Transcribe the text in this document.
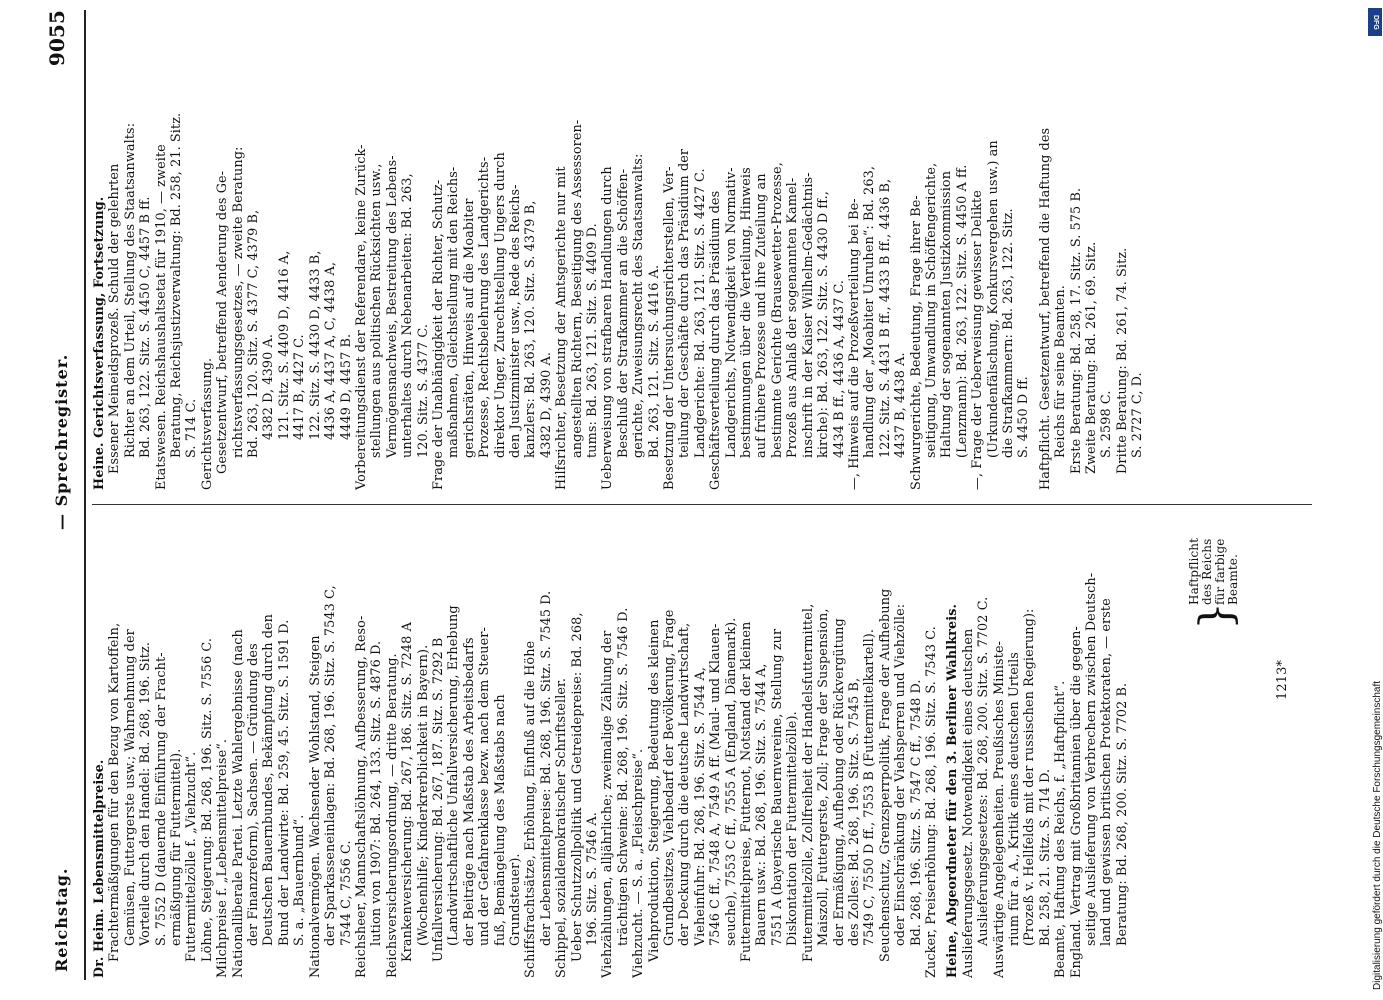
Reichstag.
— Sprechregister.
9055
Dr. Heim. Lebensmittelpreise. Frachtermäßigungen für den Bezug von Kartoffeln, Gemüsen, Futtergerste usw.; Wahrnehmung der Vorteile durch den Handel: Bd. 268, 196. Sitz. S. 7552 D (dauernde Einführung der Fracht- ermäßigung für Futtermittel). Futtermittelzölle f. „Viehzucht“. Löhne, Steigerung: Bd. 268, 196. Sitz. S. 7556 C. Milchpreise f. „Lebensmittelpreise“. Nationalliberale Partei. Letzte Wahlergebnisse (nach der Finanzreform), Sachsen. — Gründung des Deutschen Bauernbundes, Bekämpfung durch den Bund der Landwirte: Bd. 259, 45. Sitz. S. 1591 D. S. a. „Bauernbund“. Nationalvermögen. Wachsender Wohlstand, Steigen der Sparkasseneinlagen: Bd. 268, 196. Sitz. S. 7543 C, 7544 C, 7556 C. Reichsheer, Mannschaftslöhnung, Aufbesserung, Reso- lution von 1907: Bd. 264, 133. Sitz. S. 4876 D. Reichsversicherungsordnung, — dritte Beratung. Krankenversicherung: Bd. 267, 186. Sitz. S. 7248 A (Wochenhilfe; Kinderkrerblichkeit in Bayern). Unfallversicherung: Bd. 267, 187. Sitz. S. 7292 B (Landwirtschaftliche Unfallversicherung, Erhebung der Beiträge nach Maßstab des Arbeitsbedarfs und der Gefahrenklasse bezw. nach dem Steuer- fuß, Bemängelung des Maßstabs nach Grundsteuer). Schiffsfrachtsätze, Erhöhung, Einfluß auf die Höhe der Lebensmittelpreise: Bd. 268, 196. Sitz. S. 7545 D. Schippel, sozialdemokratischer Schriftsteller. Ueber Schutzzollpolitik und Getreidepreise: Bd. 268, 196. Sitz. S. 7546 A. Viehzählungen, alljährliche; zweimalige Zählung der trächtigen Schweine: Bd. 268, 196. Sitz. S. 7546 D. Viehzucht. — S. a. „Fleischpreise“. Viehproduktion, Steigerung, Bedeutung des kleinen Grundbesitzes, Viehbedarf der Bevölkerung, Frage der Deckung durch die deutsche Landwirtschaft, Vieheinfuhr: Bd. 268, 196. Sitz. S. 7544 A, 7546 C ff., 7548 A, 7549 A ff. (Maul- und Klauen- seuche), 7553 C ff., 7555 A (England, Dänemark). Futtermittelpreise, Futternot, Notstand der kleinen Bauern usw.: Bd. 268, 196. Sitz. S. 7544 A, 7551 A (bayerische Bauernvereine, Stellung zur Diskontation der Futtermittelzölle). Futtermittelzölle, Zollfreiheit der Handelsfuttermittel, Maiszoll, Futtergerste, Zoll; Frage der Suspension, der Ermäßigung, Aufhebung oder Rückvergütung des Zolles: Bd. 268, 196. Sitz. S. 7545 B, 7549 C, 7550 D ff., 7553 B (Futtermittelkartell). Seuchenschutz, Grenzsperrpolitik, Frage der Aufhebung oder Einschränkung der Viehsperren und Viehzölle: Bd. 268, 196. Sitz. S. 7547 C ff., 7548 D. Zucker, Preiserhöhung: Bd. 268, 196. Sitz. S. 7543 C. Heine, Abgeordneter für den 3. Berliner Wahlkreis. Auslieferungsgesetz. Notwendigkeit eines deutschen Auslieferungsgesetzes: Bd. 268, 200. Sitz. S. 7702 C. Auswärtige Angelegenheiten. Preußisches Ministe- rium für a. A., Kritik eines deutschen Urteils (Prozeß v. Hellfelds mit der russischen Regierung): Bd. 258, 21. Sitz. S. 714 D. Beamte, Haftung des Reichs, f. „Haftpflicht“. England. Vertrag mit Großbritannien über die gegen- seitige Auslieferung von Verbrechern zwischen Deutsch- land und gewissen britischen Protektoraten, — erste Beratung: Bd. 268, 200. Sitz. S. 7702 B.
Heine. Gerichtsverfassung, Fortsetzung. Essener Meineidsprozeß. Schuld der gelehrten Richter an dem Urteil, Stellung des Staatsanwalts: Bd. 263, 122. Sitz. S. 4450 C, 4457 B ff. Etatswesen. Reichshaushaltsetat für 1910, — zweite Beratung, Reichsjustizverwaltung: Bd. 258, 21. Sitz. S. 714 C. Gerichtsverfassung. Gesetzentwurf, betreffend Aenderung des Ge- richtsverfassungsgesetzes, — zweite Beratung: Bd. 263, 120. Sitz. S. 4377 C, 4379 B, 4382 D, 4390 A. 121. Sitz. S. 4409 D, 4416 A, 4417 B, 4427 C. 122. Sitz. S. 4430 D, 4433 B, 4436 A, 4437 A, C, 4438 A, 4449 D, 4457 B. Vorbereitungsdienst der Referendare, keine Zurück- stellungen aus politischen Rücksichten usw., Vermögensnachweis, Bestreitung des Lebens- unterhaltes durch Nebenarbeiten: Bd. 263, 120. Sitz. S. 4377 C. Frage der Unabhängigkeit der Richter, Schutz- maßnahmen, Gleichstellung mit den Reichs- gerichsräten, Hinweis auf die Moabiter Prozesse, Rechtsbelehrung des Landgerichts- direktor Unger, Zurechtstellung Ungers durch den Justizminister usw., Rede des Reichs- kanzlers: Bd. 263, 120. Sitz. S. 4379 B, 4382 D, 4390 A. Hilfsrichter, Besetzung der Amtsgerichte nur mit angestellten Richtern, Beseitigung des Assessoren- tums: Bd. 263, 121. Sitz. S. 4409 D. Ueberweisung von strafbaren Handlungen durch Beschluß der Strafkammer an die Schöffen- gerichte, Zuweisungsrecht des Staatsanwalts: Bd. 263, 121. Sitz. S. 4416 A. Besetzung der Untersuchungsrichterstellen, Ver- teilung der Geschäfte durch das Präsidium der Landgerichte: Bd. 263, 121. Sitz. S. 4427 C. Geschäftsverteilung durch das Präsidium des Landgerichts, Notwendigkeit von Normativ- bestimmungen über die Verteilung, Hinweis auf frühere Prozesse und ihre Zuteilung an bestimmte Gerichte (Brausewetter-Prozesse, Prozeß aus Anlaß der sogenannten Kamel- inschrift in der Kaiser Wilhelm-Gedächtnis- kirche): Bd. 263, 122. Sitz. S. 4430 D ff., 4434 B ff., 4436 A, 4437 C. —, Hinweis auf die Prozeßverteilung bei Be- handlung der „Moabiter Unruhen“: Bd. 263, 122. Sitz. S. 4431 B ff., 4433 B ff., 4436 B, 4437 B, 4438 A. Schwurgerichte, Bedeutung, Frage ihrer Be- seitigung, Umwandlung in Schöffengerichte, Haltung der sogenannten Justizkommission (Lenzmann): Bd. 263, 122. Sitz. S. 4450 A ff. —, Frage der Ueberweisung gewisser Delikte (Urkundenfälschung, Konkursvergehen usw.) an die Strafkammern: Bd. 263, 122. Sitz. S. 4450 D ff. Haftpflicht. Gesetzentwurf, betreffend die Haftung des Reichs für seine Beamten. Erste Beratung: Bd. 258, 17. Sitz. S. 575 B. Zweite Beratung: Bd. 261, 69. Sitz. S. 2598 C. Dritte Beratung: Bd. 261, 74. Sitz. S. 2727 C, D.
}
Haftpflicht des Reichs für farbige Beamte.
1213*
Digitalisierung gefördert durch die Deutsche Forschungsgemeinschaft
DFG
